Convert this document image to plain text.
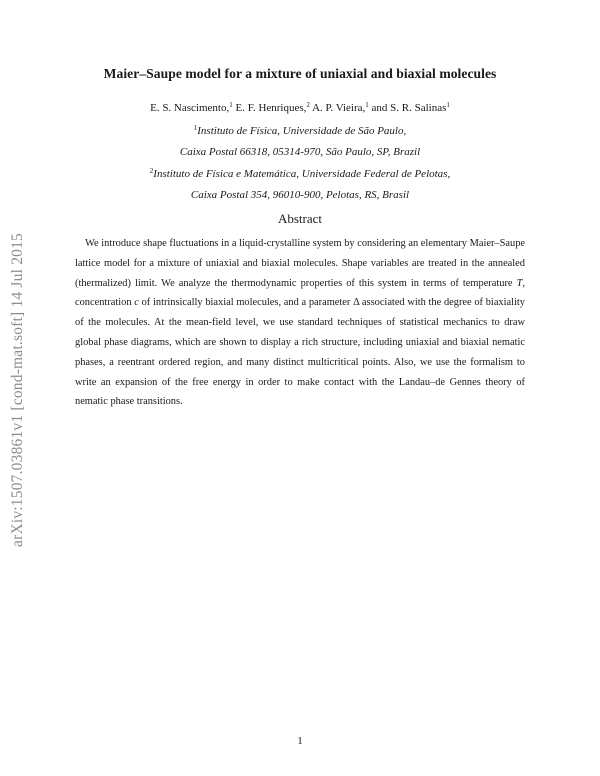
arXiv:1507.03861v1 [cond-mat.soft] 14 Jul 2015
Maier–Saupe model for a mixture of uniaxial and biaxial molecules
E. S. Nascimento,$^1$ E. F. Henriques,$^2$ A. P. Vieira,$^1$ and S. R. Salinas$^1$
$^1$Instituto de Física, Universidade de São Paulo,
Caixa Postal 66318, 05314-970, São Paulo, SP, Brazil
$^2$Instituto de Física e Matemática, Universidade Federal de Pelotas,
Caixa Postal 354, 96010-900, Pelotas, RS, Brasil
Abstract
We introduce shape fluctuations in a liquid-crystalline system by considering an elementary Maier–Saupe lattice model for a mixture of uniaxial and biaxial molecules. Shape variables are treated in the annealed (thermalized) limit. We analyze the thermodynamic properties of this system in terms of temperature T, concentration c of intrinsically biaxial molecules, and a parameter Δ associated with the degree of biaxiality of the molecules. At the mean-field level, we use standard techniques of statistical mechanics to draw global phase diagrams, which are shown to display a rich structure, including uniaxial and biaxial nematic phases, a reentrant ordered region, and many distinct multicritical points. Also, we use the formalism to write an expansion of the free energy in order to make contact with the Landau–de Gennes theory of nematic phase transitions.
1
